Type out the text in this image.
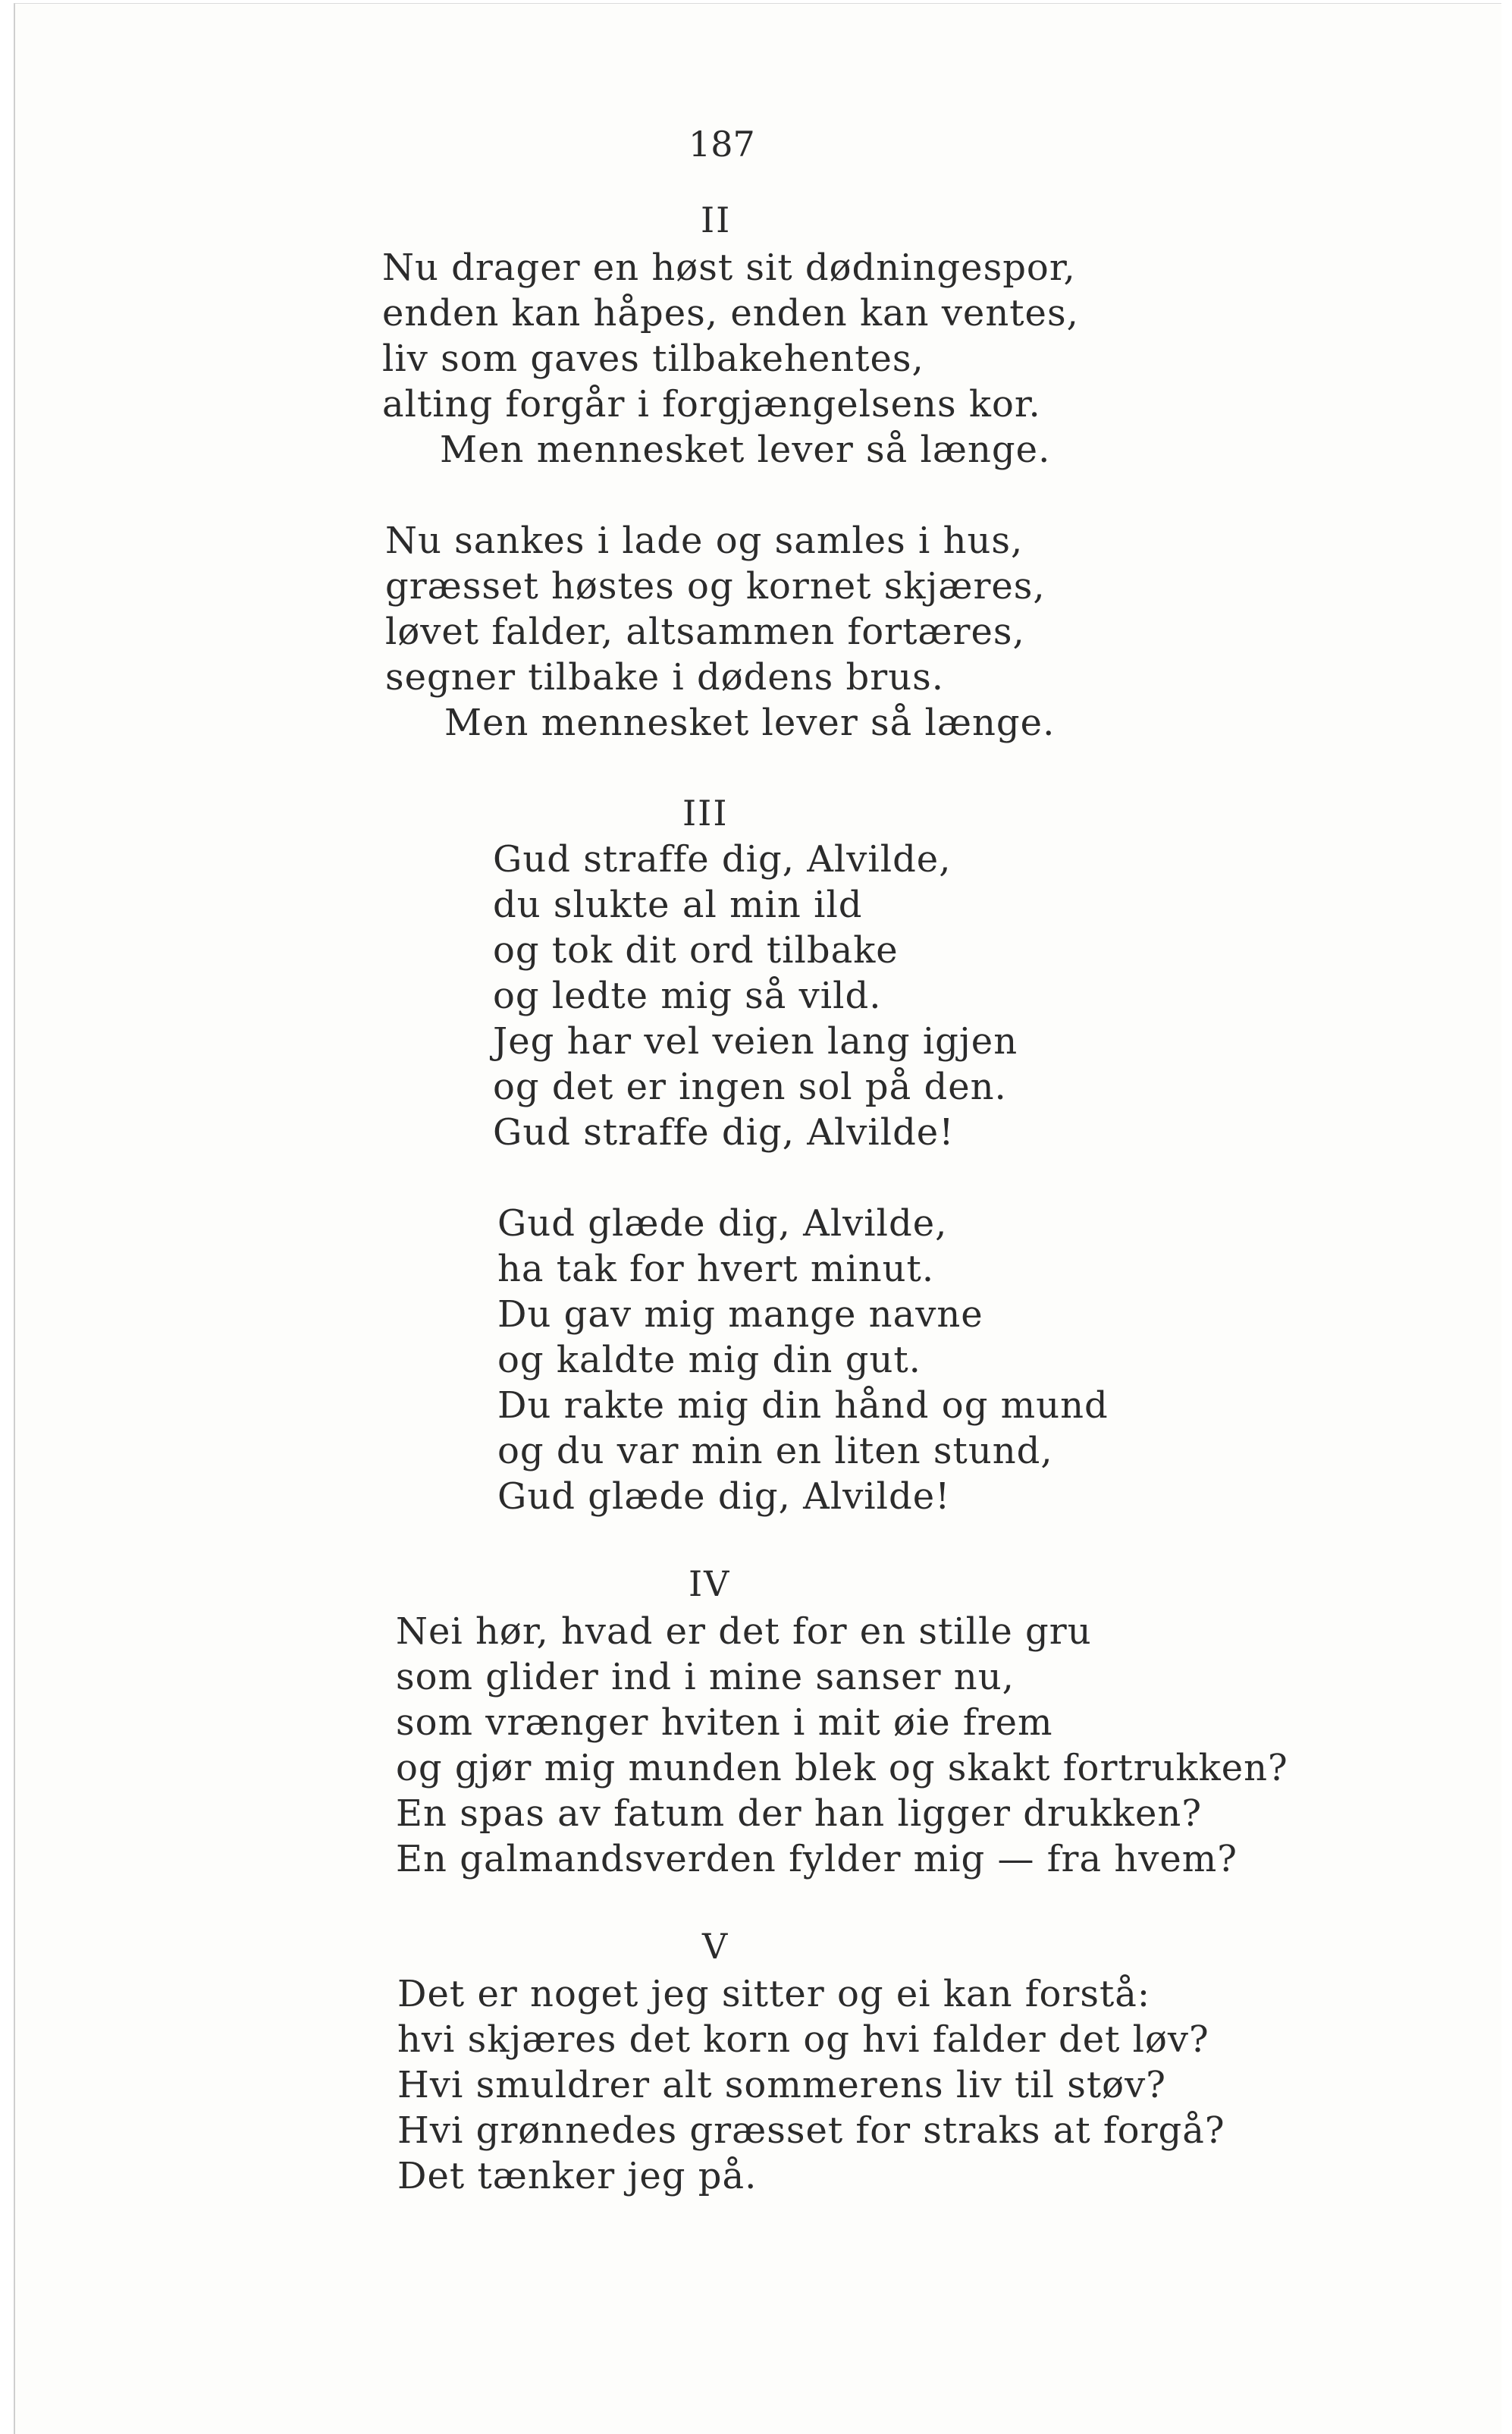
187
II
Nu drager en høst sit dødningespor,
enden kan håpes, enden kan ventes,
liv som gaves tilbakehentes,
alting forgår i forgjængelsens kor.
Men mennesket lever så længe.
Nu sankes i lade og samles i hus,
græsset høstes og kornet skjæres,
løvet falder, altsammen fortæres,
segner tilbake i dødens brus.
Men mennesket lever så længe.
III
Gud straffe dig, Alvilde,
du slukte al min ild
og tok dit ord tilbake
og ledte mig så vild.
Jeg har vel veien lang igjen
og det er ingen sol på den.
Gud straffe dig, Alvilde!
Gud glæde dig, Alvilde,
ha tak for hvert minut.
Du gav mig mange navne
og kaldte mig din gut.
Du rakte mig din hånd og mund
og du var min en liten stund,
Gud glæde dig, Alvilde!
IV
Nei hør, hvad er det for en stille gru
som glider ind i mine sanser nu,
som vrænger hviten i mit øie frem
og gjør mig munden blek og skakt fortrukken?
En spas av fatum der han ligger drukken?
En galmandsverden fylder mig — fra hvem?
V
Det er noget jeg sitter og ei kan forstå:
hvi skjæres det korn og hvi falder det løv?
Hvi smuldrer alt sommerens liv til støv?
Hvi grønnedes græsset for straks at forgå?
Det tænker jeg på.
